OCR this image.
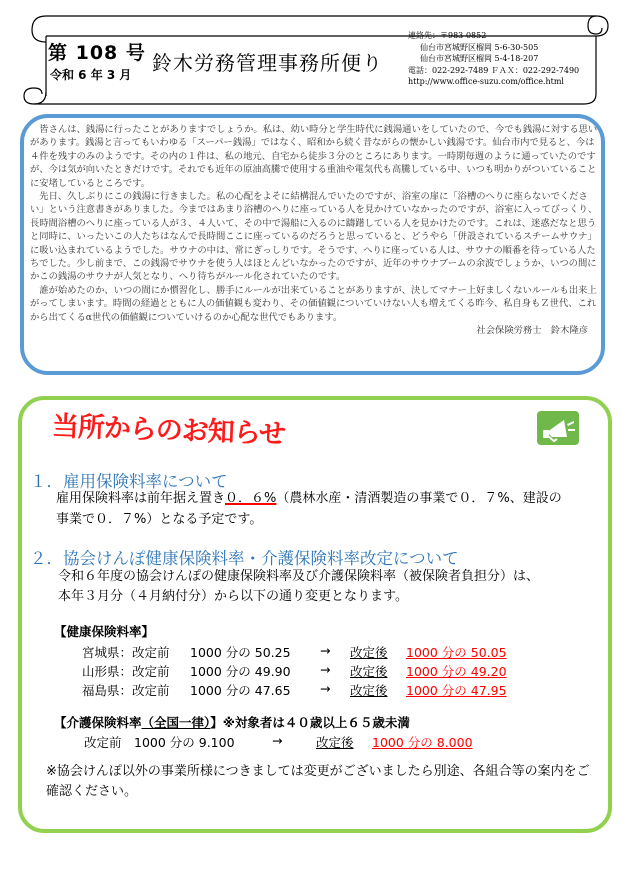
第 108 号
令和 6 年 3 月 鈴木労務管理事務所便り
連絡先：〒983-0852
仙台市宮城野区榴岡 5-6-30-505
仙台市宮城野区榴岡 5-4-18-207
電話：022-292-7489 ＦＡＸ：022-292-7490
http://www.office-suzu.com/office.html

皆さんは、銭湯に行ったことがありますでしょうか。私は、幼い時分と学生時代に銭湯通いをしていたので、今でも銭湯に対する思いがあります。銭湯と言ってもいわゆる「スーパー銭湯」ではなく、昭和から続く昔ながらの懐かしい銭湯です。仙台市内で見ると、今は４件を残すのみのようです。その内の１件は、私の地元、自宅から徒歩３分のところにあります。一時期毎週のように通っていたのですが、今は気が向いたときだけです。それでも近年の原油高騰で使用する重油や電気代も高騰している中、いつも明かりがついていることに安堵しているところです。

先日、久しぶりにこの銭湯に行きました。私の心配をよそに結構混んでいたのですが、浴室の扉に「浴槽のへりに座らないでください」という注意書きがありました。今まではあまり浴槽のへりに座っている人を見かけていなかったのですが、浴室に入ってびっくり、長時間浴槽のへりに座っている人が３、４人いて、その中で湯船に入るのに躊躇している人を見かけたのです。これは、迷惑だなと思うと同時に、いったいこの人たちはなんで長時間ここに座っているのだろうと思っていると、どうやら「併設されているスチームサウナ」に吸い込まれているようでした。サウナの中は、常にぎっしりです。そうです、へりに座っている人は、サウナの順番を待っている人たちでした。少し前まで、この銭湯でサウナを使う人はほとんどいなかったのですが、近年のサウナブームの余波でしょうか、いつの間にかこの銭湯のサウナが人気となり、へり待ちがルール化されていたのです。

誰が始めたのか、いつの間にか慣習化し、勝手にルールが出来ていることがありますが、決してマナー上好ましくないルールも出来上がってしまいます。時間の経過とともに人の価値観も変わり、その価値観についていけない人も増えてくる昨今、私自身もＺ世代、これから出てくるα世代の価値観についていけるのか心配な世代でもあります。

社会保険労務士　鈴木隆彦
当所からのお知らせ
１．雇用保険料率について
雇用保険料率は前年据え置き０．６%（農林水産・清酒製造の事業で０．７%、建設の
事業で０．７%）となる予定です。
２．協会けんぽ健康保険料率・介護保険料率改定について
令和６年度の協会けんぽの健康保険料率及び介護保険料率（被保険者負担分）は、
本年３月分（４月納付分）から以下の通り変更となります。
【健康保険料率】
宮城県：改定前 1000 分の 50.25 → 改定後 1000 分の 50.05
山形県：改定前 1000 分の 49.90 → 改定後 1000 分の 49.20
福島県：改定前 1000 分の 47.65 → 改定後 1000 分の 47.95
【介護保険料率（全国一律）】※対象者は４０歳以上６５歳未満
改定前 1000 分の 9.100	→	改定後 1000 分の 8.000
※協会けんぽ以外の事業所様につきましては変更がございましたら別途、各組合等の案内をご確認ください。
